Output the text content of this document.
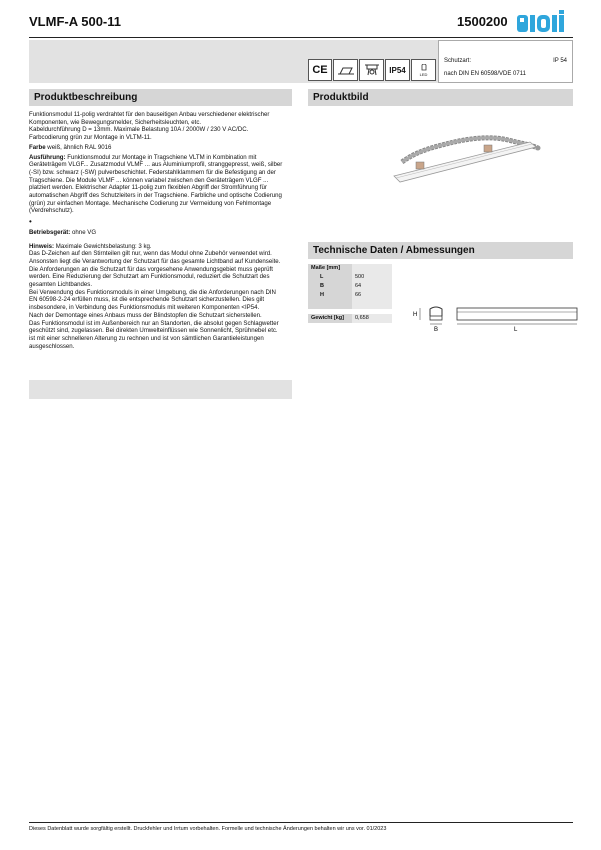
VLMF-A 500-11	1500200
CE	IP54	LED
Schutzart:	IP 54
nach DIN EN 60598/VDE 0711
Produktbeschreibung

Funktionsmodul 11-polig verdrahtet für den bauseitigen Anbau verschiedener elektrischer

Komponenten, wie Bewegungsmelder, Sicherheitsleuchten, etc.

Kabeldurchführung D = 13mm. Maximale Belastung 10A / 2000W / 230 V AC/DC.

Farbcodierung grün zur Montage in VLTM-11.

Farbe weiß, ähnlich RAL 9016

Ausführung: Funktionsmodul zur Montage in Tragschiene VLTM in Kombination mit

Geräteträgem VLGF... Zusatzmodul VLMF ... aus Aluminiumprofil, stranggepresst, weiß, silber

(-SI) bzw. schwarz (-SW) pulverbeschichtet. Federstahlklammern für die Befestigung an der

Tragschiene. Die Module VLMF ... können variabel zwischen den Geräteträgem VLGF ...

platziert werden. Elektrischer Adapter 11-polig zum flexiblen Abgriff der Stromführung für

automatischen Abgriff des Schutzleiters in der Tragschiene. Farbliche und optische Codierung

(grün) zur einfachen Montage. Mechanische Codierung zur Vermeidung von Fehlmontage

(Verdrehschutz).

•

Betriebsgerät: ohne VG

Hinweis: Maximale Gewichtsbelastung: 3 kg.

Das D-Zeichen auf den Stirnteilen gilt nur, wenn das Modul ohne Zubehör verwendet wird.

Ansonsten liegt die Verantwortung der Schutzart für das gesamte Lichtband auf Kundenseite.

Die Anforderungen an die Schutzart für das vorgesehene Anwendungsgebiet muss geprüft

werden. Eine Reduzierung der Schutzart am Funktionsmodul, reduziert die Schutzart des

gesamten Lichtbandes.

Bei Verwendung des Funktionsmoduls in einer Umgebung, die die Anforderungen nach DIN

EN 60598-2-24 erfüllen muss, ist die entsprechende Schutzart sicherzustellen. Dies gilt

insbesondere, in Verbindung des Funktionsmoduls mit weiteren Komponenten <IP54.

Nach der Demontage eines Anbaus muss der Blindstopfen die Schutzart sicherstellen.

Das Funktionsmodul ist im Außenbereich nur an Standorten, die absolut gegen Schlagwetter

geschützt sind, zugelassen. Bei direkten Umwelteinflüssen wie Sonnenlicht, Sprühnebel etc.

ist mit einer schnelleren Alterung zu rechnen und ist von sämtlichen Garantieleistungen

ausgeschlossen.

Produktbild
Technische Daten / Abmessungen
Maße [mm]
L	500
B	64
H	66
Gewicht [kg]	0,658	H
B	L
Dieses Datenblatt wurde sorgfältig erstellt. Druckfehler und Irrtum vorbehalten. Formelle und technische Änderungen behalten wir uns vor. 01/2023
